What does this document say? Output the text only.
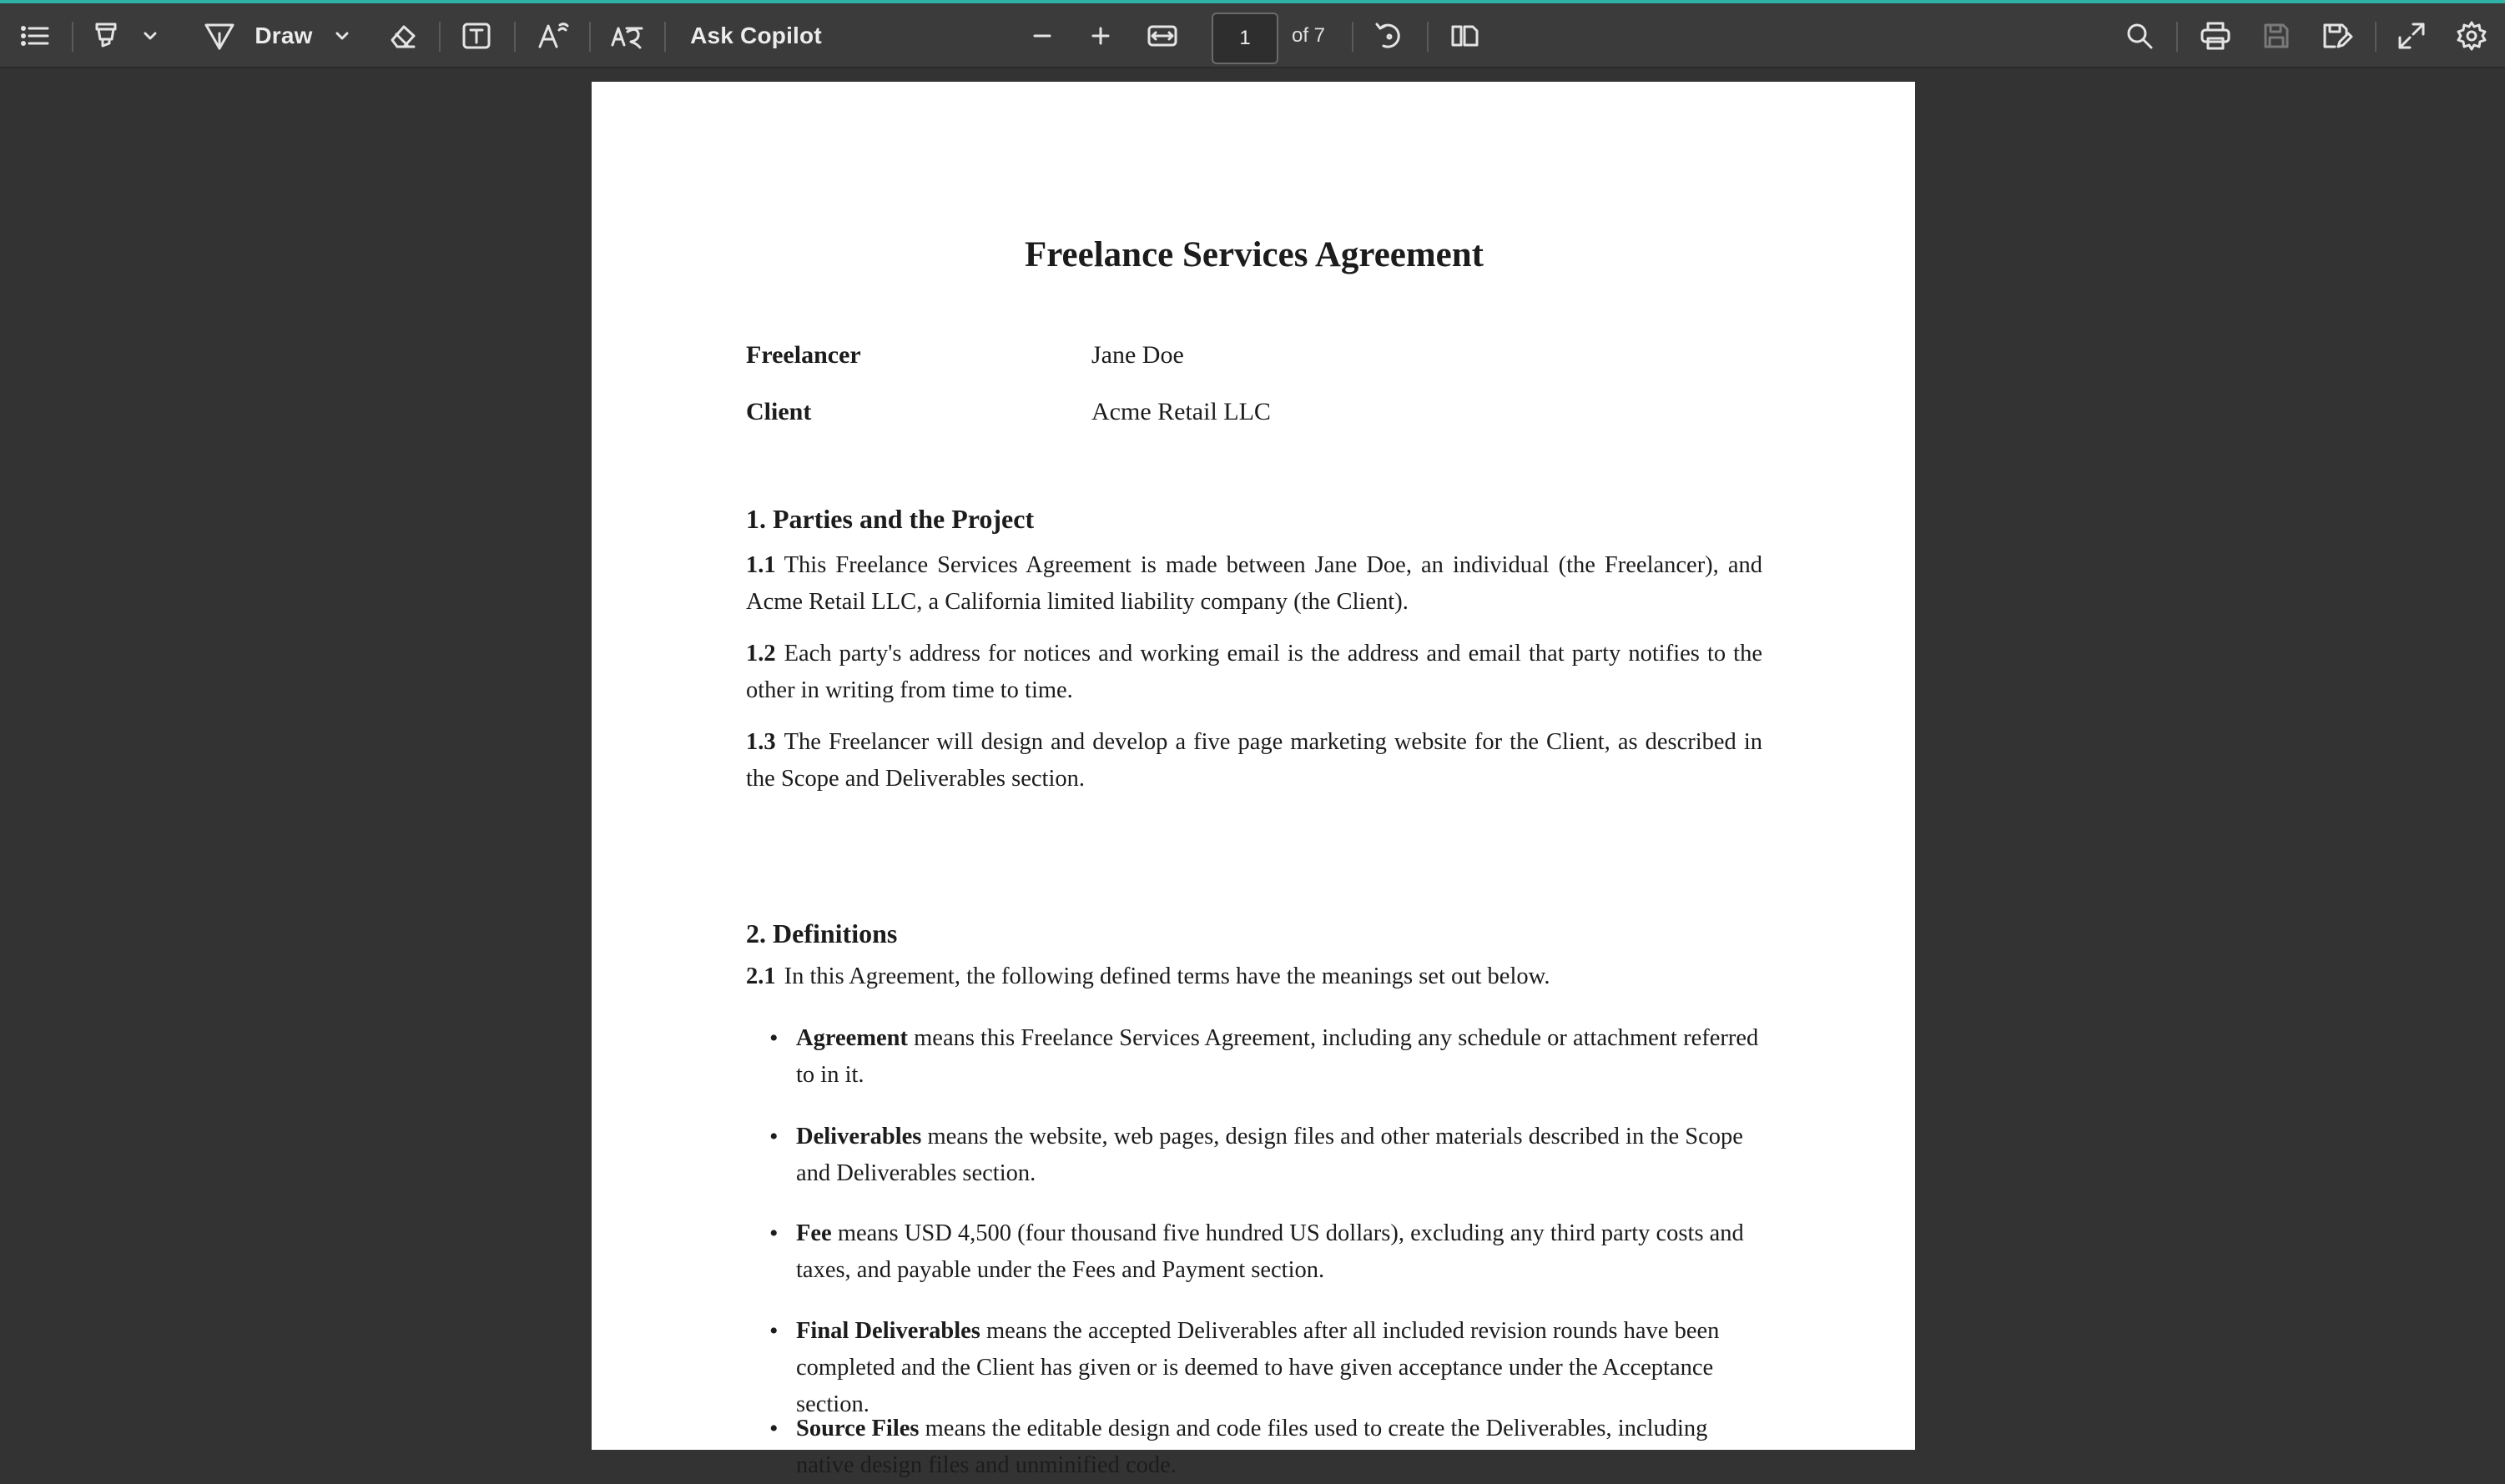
Draw	Ask Copilot
1	of 7
Freelance Services Agreement
Freelancer	Jane Doe
Client	Acme Retail LLC
1. Parties and the Project
1.1 This Freelance Services Agreement is made between Jane Doe, an individual (the Freelancer), and Acme Retail LLC, a California limited liability company (the Client).
1.2 Each party's address for notices and working email is the address and email that party notifies to the other in writing from time to time.
1.3 The Freelancer will design and develop a five page marketing website for the Client, as described in the Scope and Deliverables section.
2. Definitions
2.1 In this Agreement, the following defined terms have the meanings set out below.
• Agreement means this Freelance Services Agreement, including any schedule or attachment referred to in it.
• Deliverables means the website, web pages, design files and other materials described in the Scope and Deliverables section.
• Fee means USD 4,500 (four thousand five hundred US dollars), excluding any third party costs and taxes, and payable under the Fees and Payment section.
• Final Deliverables means the accepted Deliverables after all included revision rounds have been completed and the Client has given or is deemed to have given acceptance under the Acceptance section.
• Source Files means the editable design and code files used to create the Deliverables, including native design files and unminified code.
